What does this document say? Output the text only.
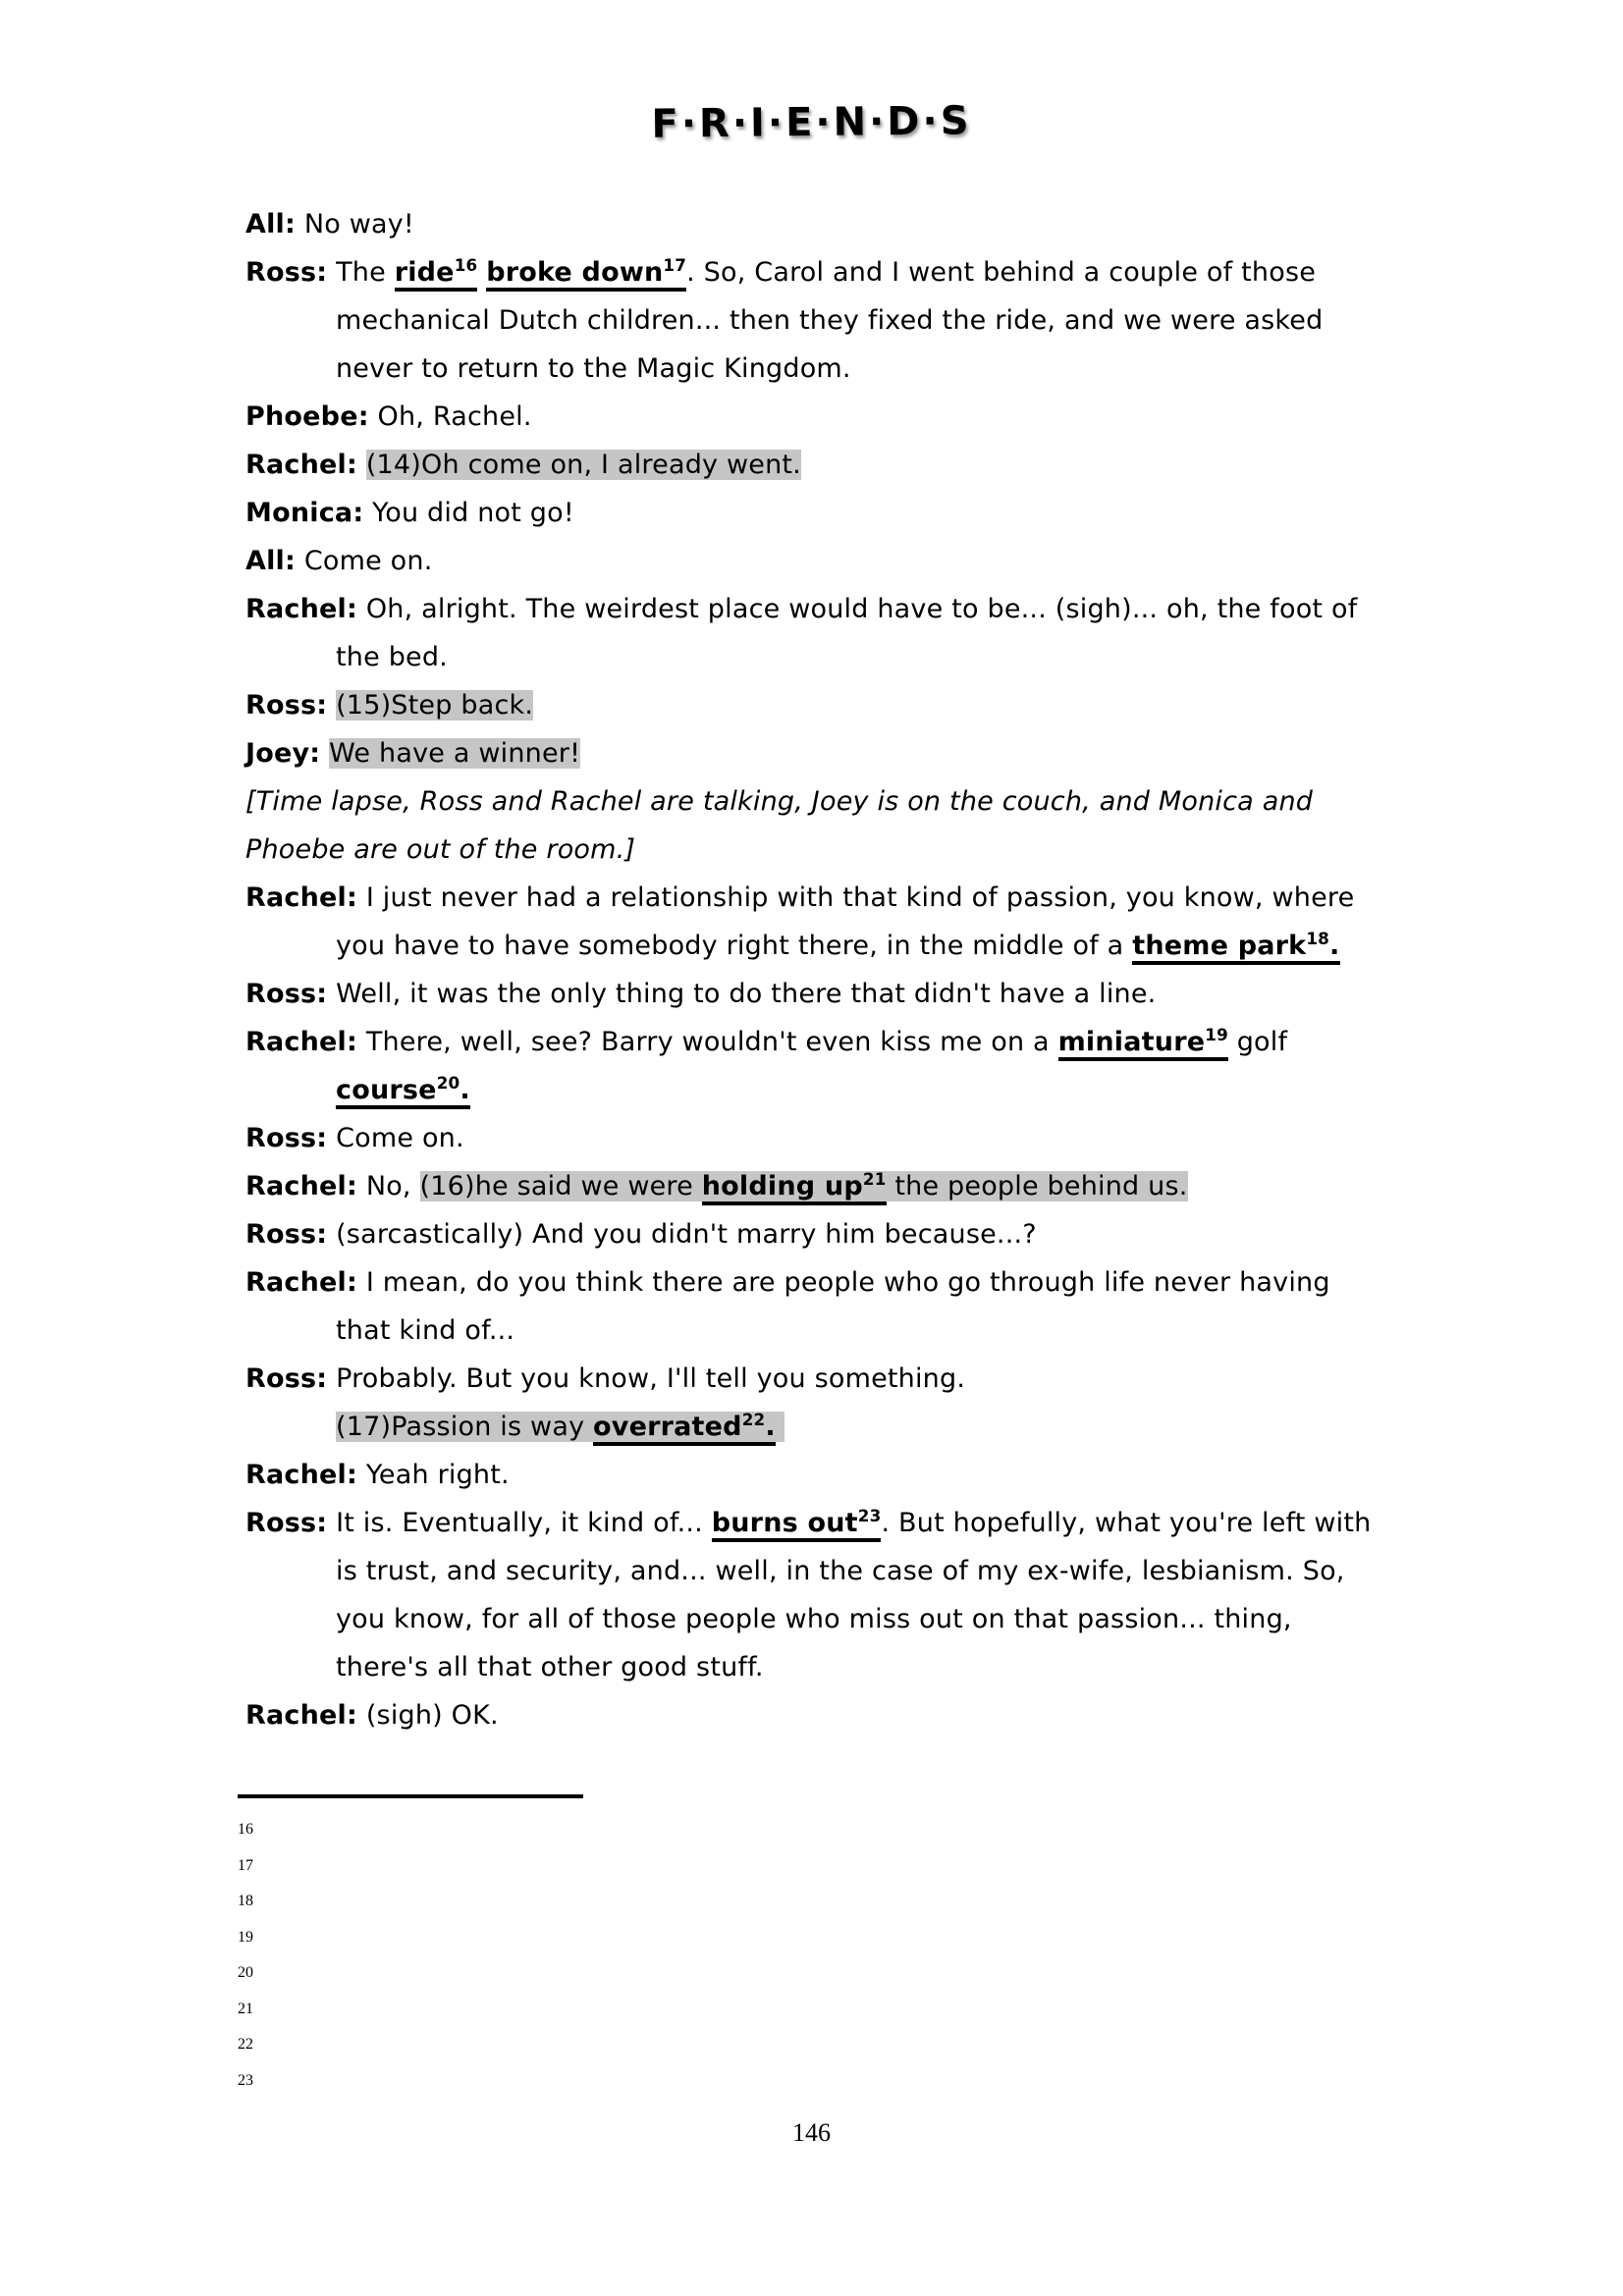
F·R·I·E·N·D·S

All: No way!

Ross: The ride$^{16}$ broke down$^{17}$. So, Carol and I went behind a couple of those mechanical Dutch children... then they fixed the ride, and we were asked never to return to the Magic Kingdom.

Phoebe: Oh, Rachel.

Rachel: (14)Oh come on, I already went.

Monica: You did not go!

All: Come on.

Rachel: Oh, alright. The weirdest place would have to be... (sigh)... oh, the foot of the bed.

Ross: (15)Step back.

Joey: We have a winner!

[Time lapse, Ross and Rachel are talking, Joey is on the couch, and Monica and Phoebe are out of the room.]

Rachel: I just never had a relationship with that kind of passion, you know, where you have to have somebody right there, in the middle of a theme park$^{18}$.

Ross: Well, it was the only thing to do there that didn't have a line.

Rachel: There, well, see? Barry wouldn't even kiss me on a miniature$^{19}$ golf course$^{20}$.

Ross: Come on.

Rachel: No, (16)he said we were holding $up^{21}$ the people behind us.

Ross: (sarcastically) And you didn't marry him because...?

Rachel: I mean, do you think there are people who go through life never having that kind of...

Ross: Probably. But you know, I'll tell you something.
(17)Passion is way overrated$^{22}$.

Rachel: Yeah right.

Ross: It is. Eventually, it kind of... burns out$^{23}$. But hopefully, what you're left with is trust, and security, and... well, in the case of my ex-wife, lesbianism. So, you know, for all of those people who miss out on that passion... thing, there's all that other good stuff.

Rachel: (sigh) OK.

16
17
18
19
20
21
22
23
146
